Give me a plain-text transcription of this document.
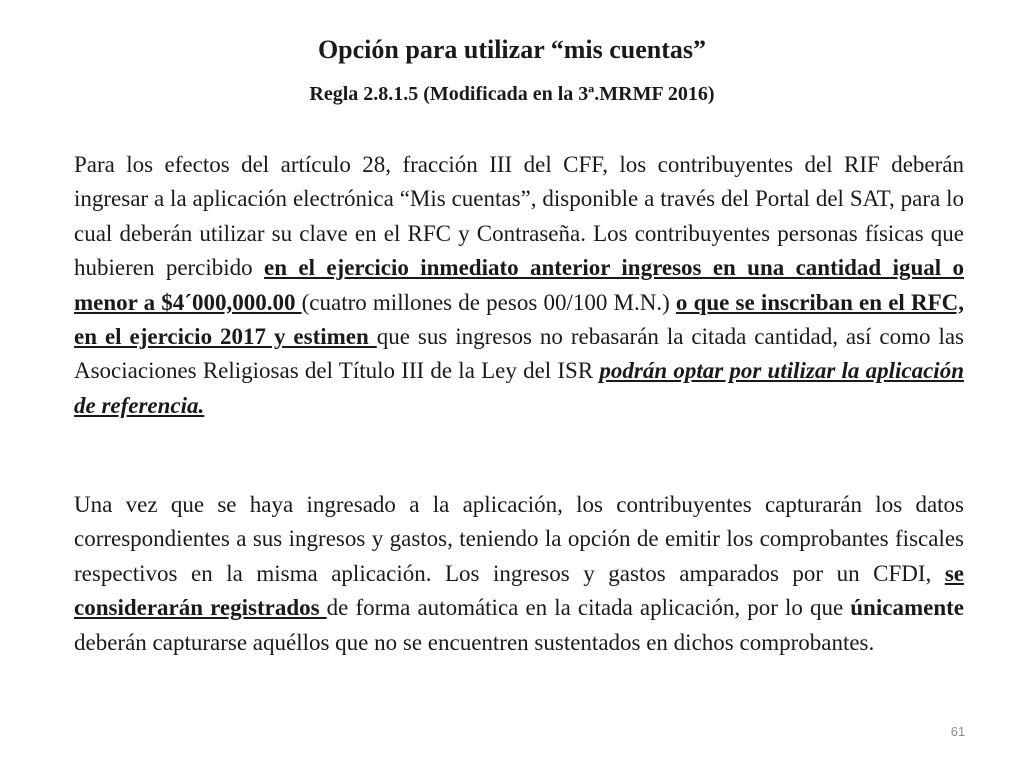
Opción para utilizar “mis cuentas”
Regla 2.8.1.5 (Modificada en la 3ª.MRMF 2016)
Para los efectos del artículo 28, fracción III del CFF, los contribuyentes del RIF deberán ingresar a la aplicación electrónica “Mis cuentas”, disponible a través del Portal del SAT, para lo cual deberán utilizar su clave en el RFC y Contraseña. Los contribuyentes personas físicas que hubieren percibido en el ejercicio inmediato anterior ingresos en una cantidad igual o menor a $4´000,000.00 (cuatro millones de pesos 00/100 M.N.) o que se inscriban en el RFC, en el ejercicio 2017 y estimen que sus ingresos no rebasarán la citada cantidad, así como las Asociaciones Religiosas del Título III de la Ley del ISR podrán optar por utilizar la aplicación de referencia.
Una vez que se haya ingresado a la aplicación, los contribuyentes capturarán los datos correspondientes a sus ingresos y gastos, teniendo la opción de emitir los comprobantes fiscales respectivos en la misma aplicación. Los ingresos y gastos amparados por un CFDI, se considerarán registrados de forma automática en la citada aplicación, por lo que únicamente deberán capturarse aquéllos que no se encuentren sustentados en dichos comprobantes.
61
